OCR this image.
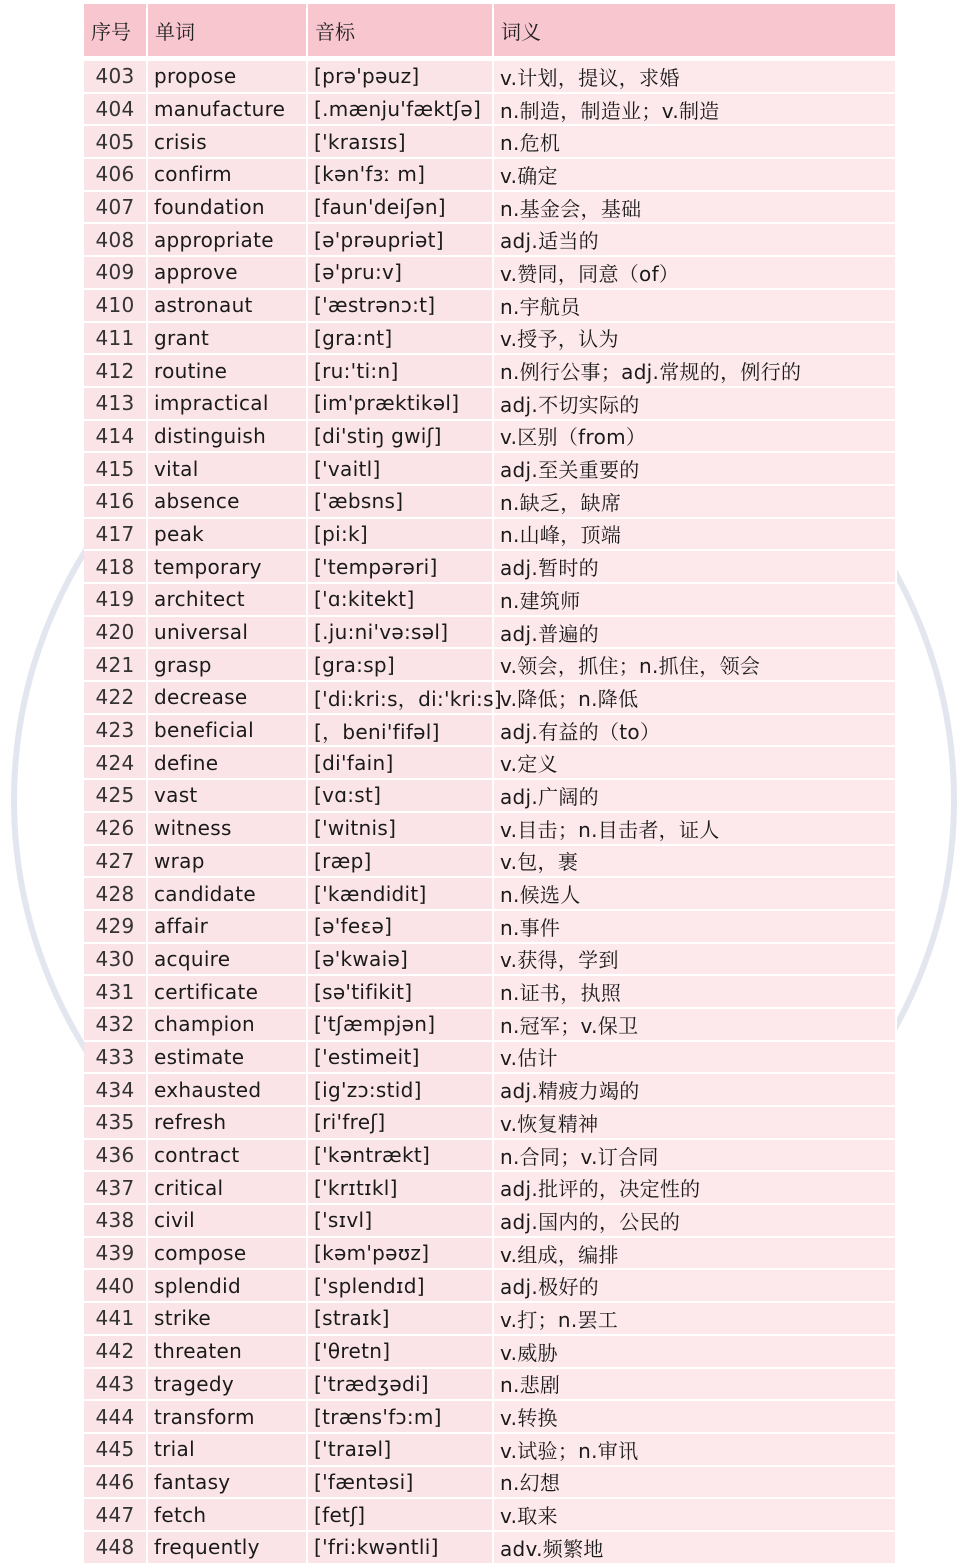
序号	单词	音标	词义
403	propose	[prə'pəuz]	v.计划，提议，求婚
404	manufacture	[.mænju'fæktʃə]	n.制造，制造业；v.制造
405	crisis	['kraɪsɪs]	n.危机
406	confirm	[kən'fɜː m]	v.确定
407	foundation	[faun'deiʃən]	n.基金会，基础
408	appropriate	[ə'prəupriət]	adj.适当的
409	approve	[ə'pru:v]	v.赞同，同意（of）
410	astronaut	['æstrənɔ:t]	n.宇航员
411	grant	[gra:nt]	v.授予，认为
412	routine	[ru:'ti:n]	n.例行公事；adj.常规的，例行的
413	impractical	[im'præktikəl]	adj.不切实际的
414	distinguish	[di'stiŋ gwiʃ]	v.区别（from）
415	vital	['vaitl]	adj.至关重要的
416	absence	['æbsns]	n.缺乏，缺席
417	peak	[pi:k]	n.山峰，顶端
418	temporary	['tempərəri]	adj.暂时的
419	architect	['ɑ:kitekt]	n.建筑师
420	universal	[.ju:ni'və:səl]	adj.普遍的
421	grasp	[gra:sp]	v.领会，抓住；n.抓住，领会
422	decrease	['di:kri:s，di:'kri:s]	v.降低；n.降低
423	beneficial	[，beni'fifəl]	adj.有益的（to）
424	define	[di'fain]	v.定义
425	vast	[vɑ:st]	adj.广阔的
426	witness	['witnis]	v.目击；n.目击者，证人
427	wrap	[ræp]	v.包，裹
428	candidate	['kændidit]	n.候选人
429	affair	[ə'feɛə]	n.事件
430	acquire	[ə'kwaiə]	v.获得，学到
431	certificate	[sə'tifikit]	n.证书，执照
432	champion	['tʃæmpjən]	n.冠军；v.保卫
433	estimate	['estimeit]	v.估计
434	exhausted	[ig'zɔ:stid]	adj.精疲力竭的
435	refresh	[ri'freʃ]	v.恢复精神
436	contract	['kəntrækt]	n.合同；v.订合同
437	critical	['krɪtɪkl]	adj.批评的，决定性的
438	civil	['sɪvl]	adj.国内的，公民的
439	compose	[kəm'pəʊz]	v.组成，编排
440	splendid	['splendɪd]	adj.极好的
441	strike	[straɪk]	v.打；n.罢工
442	threaten	['θretn]	v.威胁
443	tragedy	['trædʒədi]	n.悲剧
444	transform	[træns'fɔ:m]	v.转换
445	trial	['traɪəl]	v.试验；n.审讯
446	fantasy	['fæntəsi]	n.幻想
447	fetch	[fetʃ]	v.取来
448	frequently	['fri:kwəntli]	adv.频繁地
